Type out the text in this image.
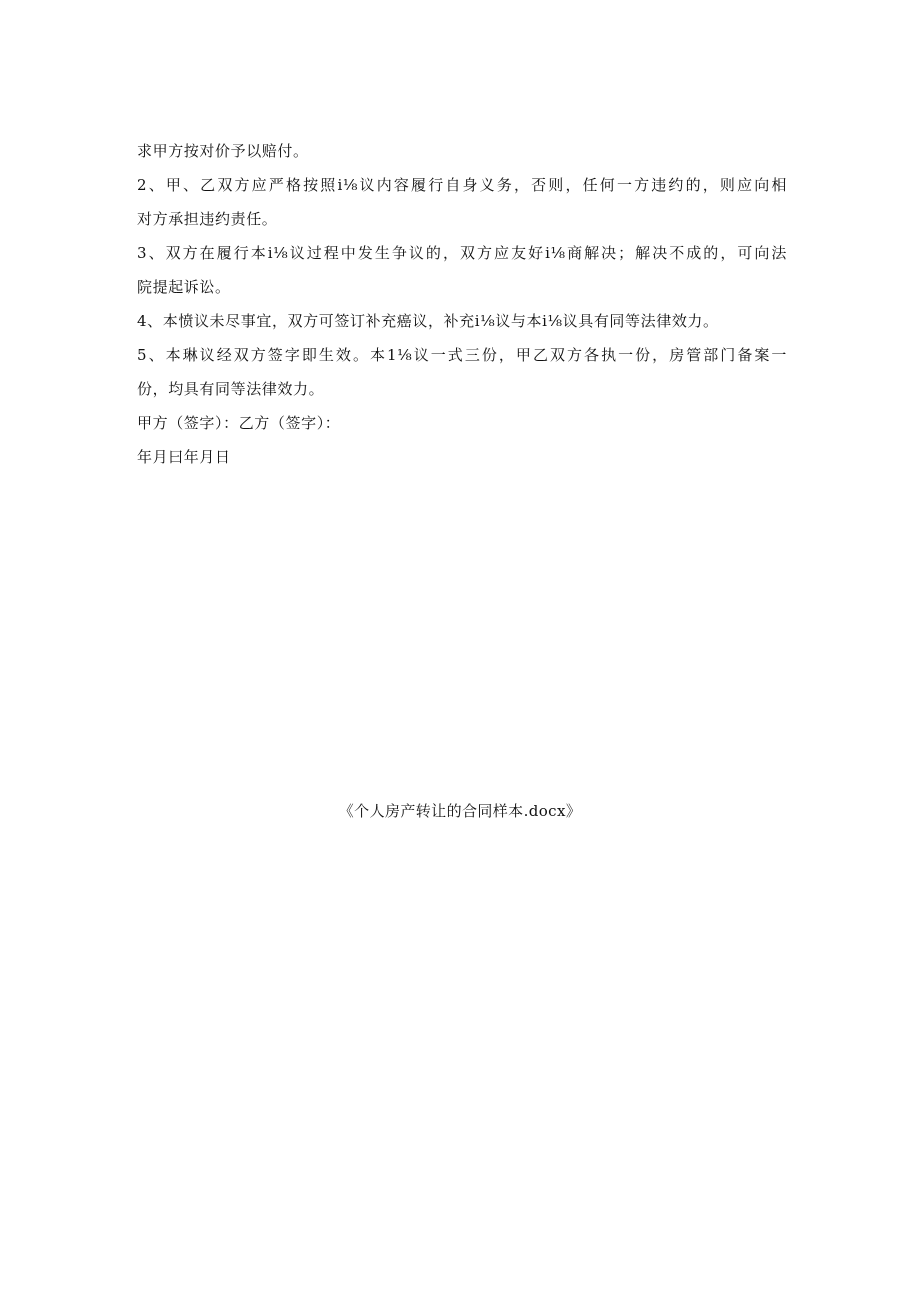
求甲方按对价予以赔付。
2、甲、乙双方应严格按照i⅛议内容履行自身义务，否则，任何一方违约的，则应向相
对方承担违约责任。
3、双方在履行本i⅛议过程中发生争议的，双方应友好i⅛商解决；解决不成的，可向法
院提起诉讼。
4、本愤议未尽事宜，双方可签订补充癌议，补充i⅛议与本i⅛议具有同等法律效力。
5、本琳议经双方签字即生效。本1⅛议一式三份，甲乙双方各执一份，房管部门备案一
份，均具有同等法律效力。
甲方（签字）：乙方（签字）：
年月曰年月日
《个人房产转让的合同样本.docx》
